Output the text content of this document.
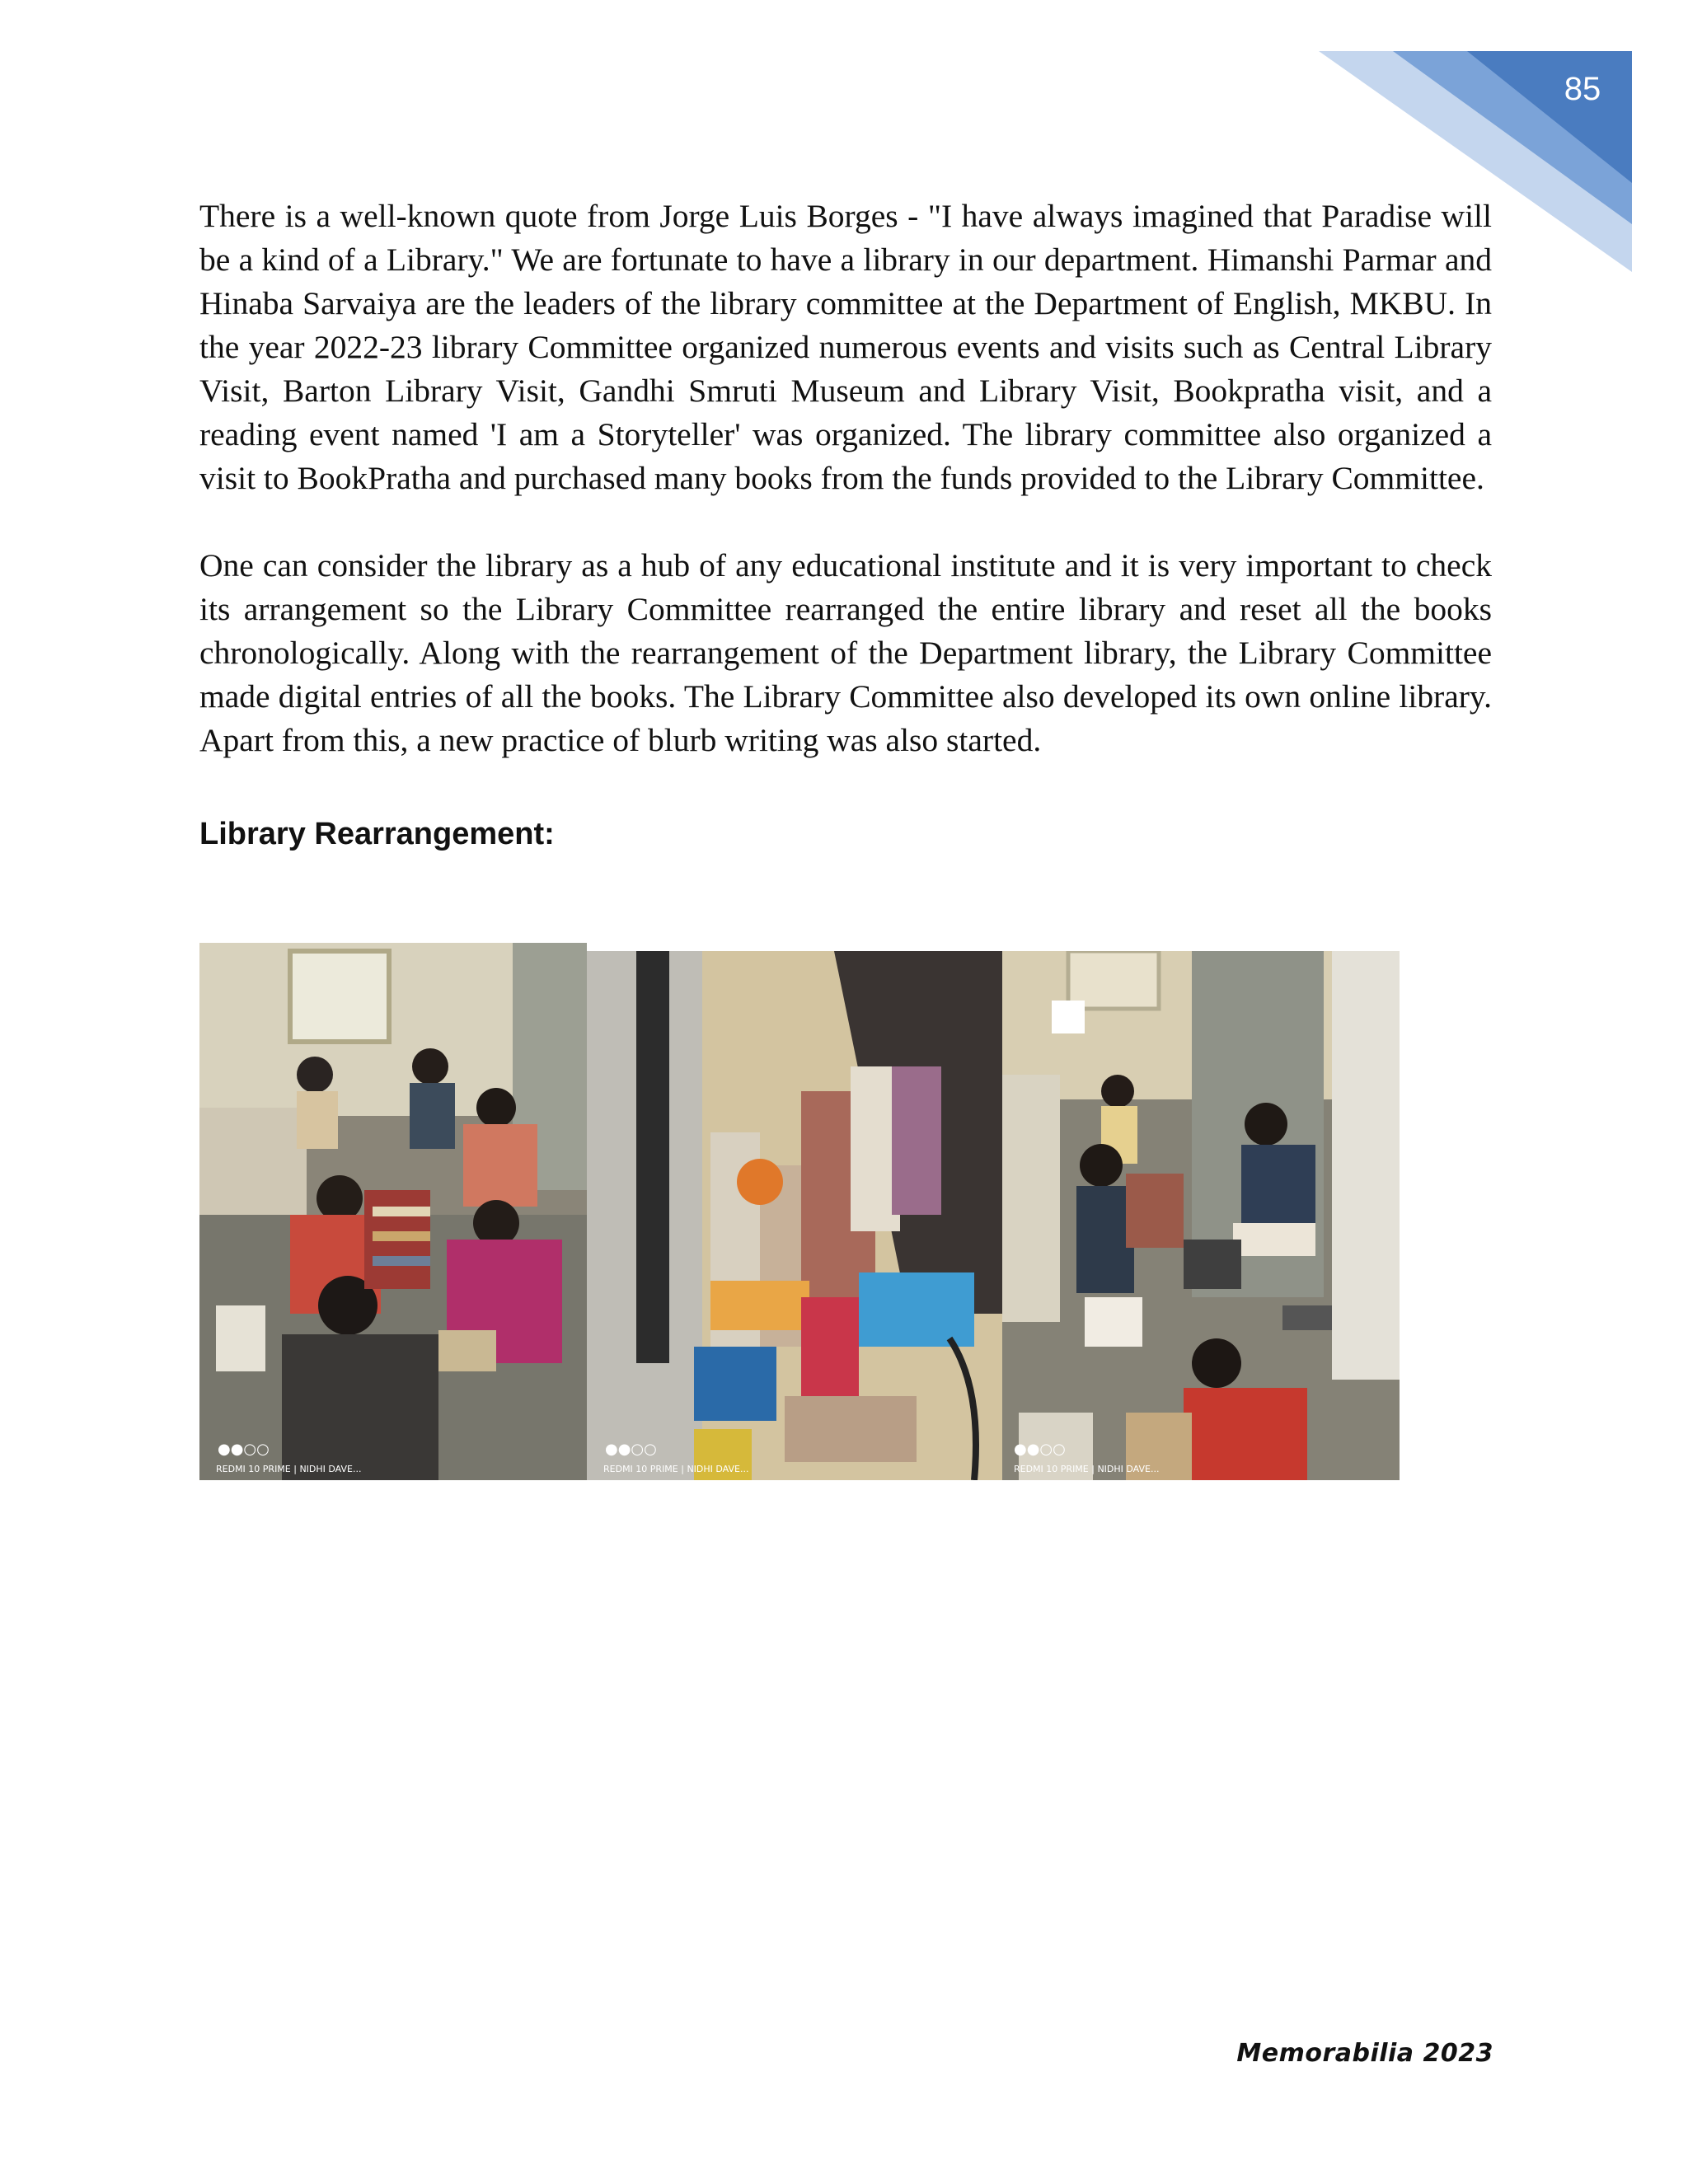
85

There is a well-known quote from Jorge Luis Borges - "I have always imagined that Paradise will be a kind of a Library." We are fortunate to have a library in our department. Himanshi Parmar and Hinaba Sarvaiya are the leaders of the library committee at the Department of English, MKBU. In the year 2022-23 library Committee organized numerous events and visits such as Central Library Visit, Barton Library Visit, Gandhi Smruti Museum and Library Visit, Bookpratha visit, and a reading event named 'I am a Storyteller' was organized. The library committee also organized a visit to BookPratha and purchased many books from the funds provided to the Library Committee.

One can consider the library as a hub of any educational institute and it is very important to check its arrangement so the Library Committee rearranged the entire library and reset all the books chronologically. Along with the rearrangement of the Department library, the Library Committee made digital entries of all the books. The Library Committee also developed its own online library. Apart from this, a new practice of blurb writing was also started.

Library Rearrangement:
●●○○
REDMI 10 PRIME | NIDHI DAVE...
●●○○
REDMI 10 PRIME | NIDHI DAVE...
●●○○
REDMI 10 PRIME | NIDHI DAVE...
Memorabilia 2023
